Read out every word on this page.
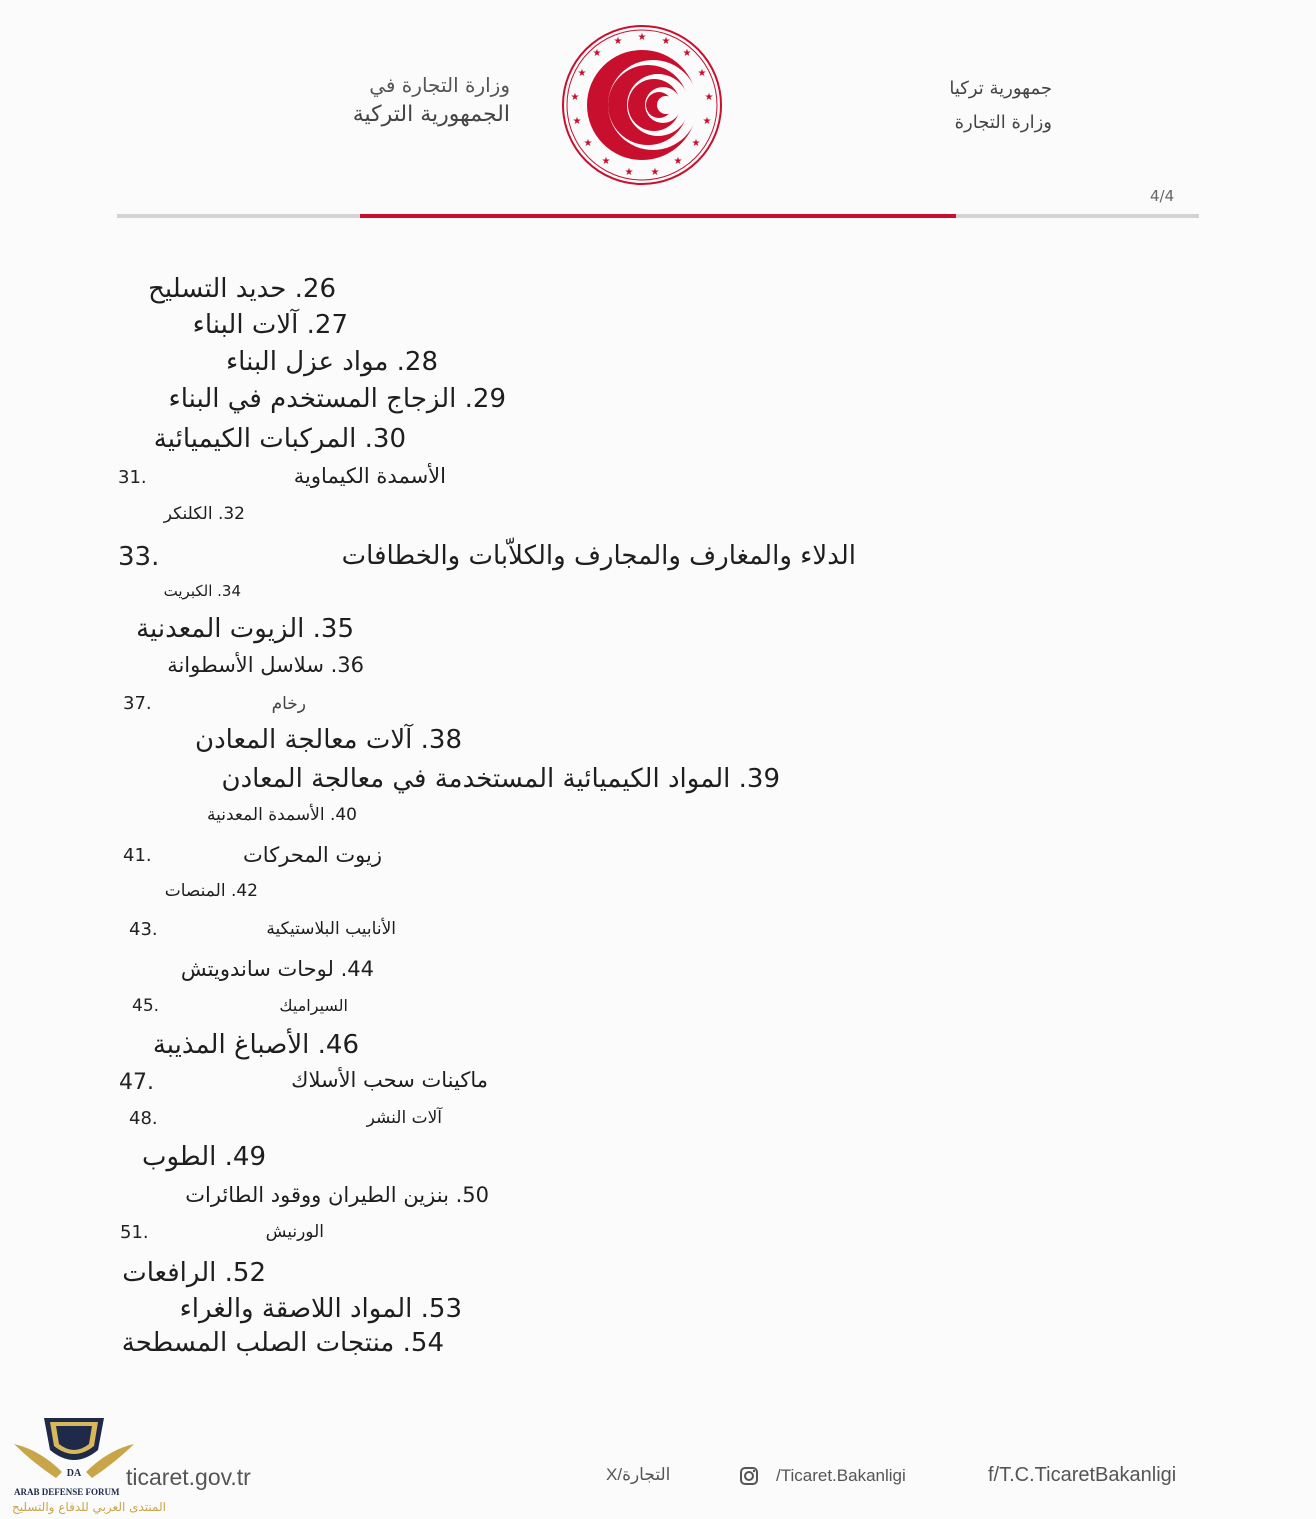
وزارة التجارة في
الجمهورية التركية
★ ★
★
★
★
★
★
★
★
★
★
★
★
★
★
★
★
★
جمهورية تركيا
وزارة التجارة
4/4
26. حديد التسليح
27. آلات البناء
28. مواد عزل البناء
29. الزجاج المستخدم في البناء
30. المركبات الكيميائية
31.	الأسمدة الكيماوية
32. الكلنكر
33.	الدلاء والمغارف والمجارف والكلاّبات والخطافات
34. الكبريت
35. الزيوت المعدنية
36. سلاسل الأسطوانة
37.	رخام
38. آلات معالجة المعادن
39. المواد الكيميائية المستخدمة في معالجة المعادن
40. الأسمدة المعدنية
41.	زيوت المحركات
42. المنصات
43.	الأنابيب البلاستيكية
44. لوحات ساندويتش
45.	السيراميك
46. الأصباغ المذيبة
47.	ماكينات سحب الأسلاك
48.	آلات النشر
49. الطوب
50. بنزين الطيران ووقود الطائرات
51.	الورنيش
52. الرافعات
53. المواد اللاصقة والغراء
54. منتجات الصلب المسطحة
DA
ARAB DEFENSE FORUM
المنتدى العربي للدفاع والتسليح
ticaret.gov.tr	X/التجارة	/Ticaret.Bakanligi	f/T.C.TicaretBakanligi
